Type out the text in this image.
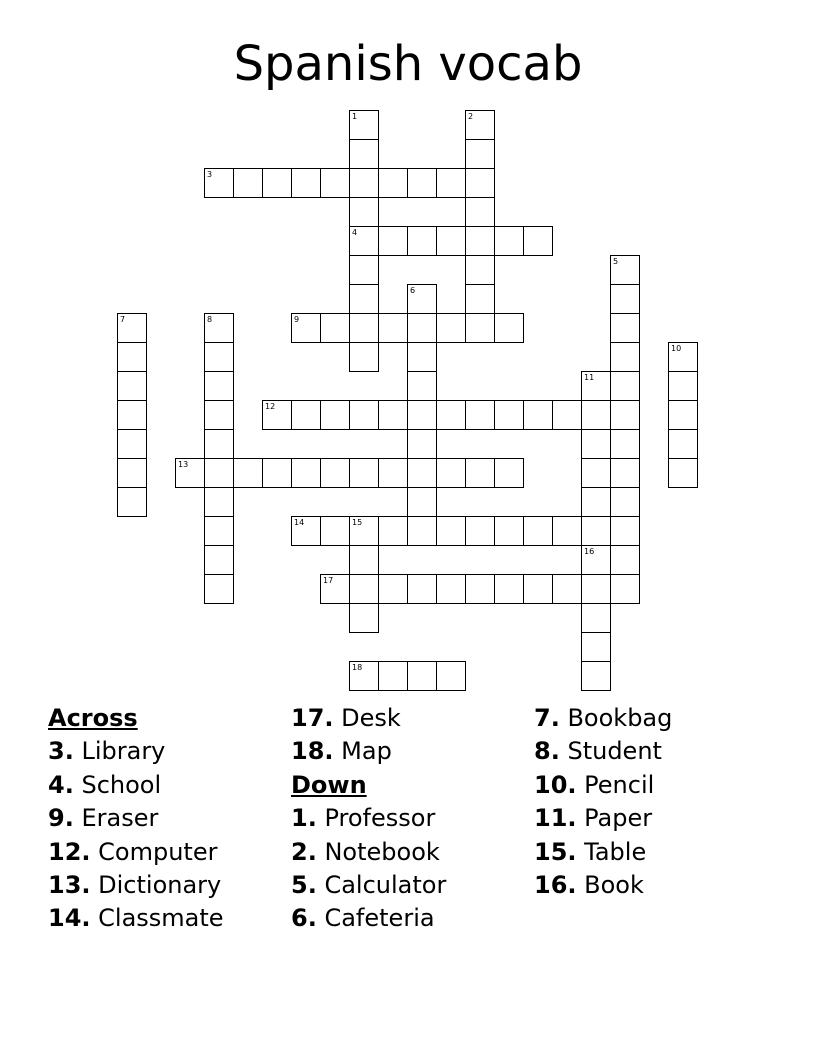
Spanish vocab
1	2
3
4
5
6
7	8	9
10
11
12
13
14	15
16
17
18
Across
3. Library
4. School
9. Eraser
12. Computer
13. Dictionary
14. Classmate
17. Desk
18. Map
Down
1. Professor
2. Notebook
5. Calculator
6. Cafeteria
7. Bookbag
8. Student
10. Pencil
11. Paper
15. Table
16. Book
